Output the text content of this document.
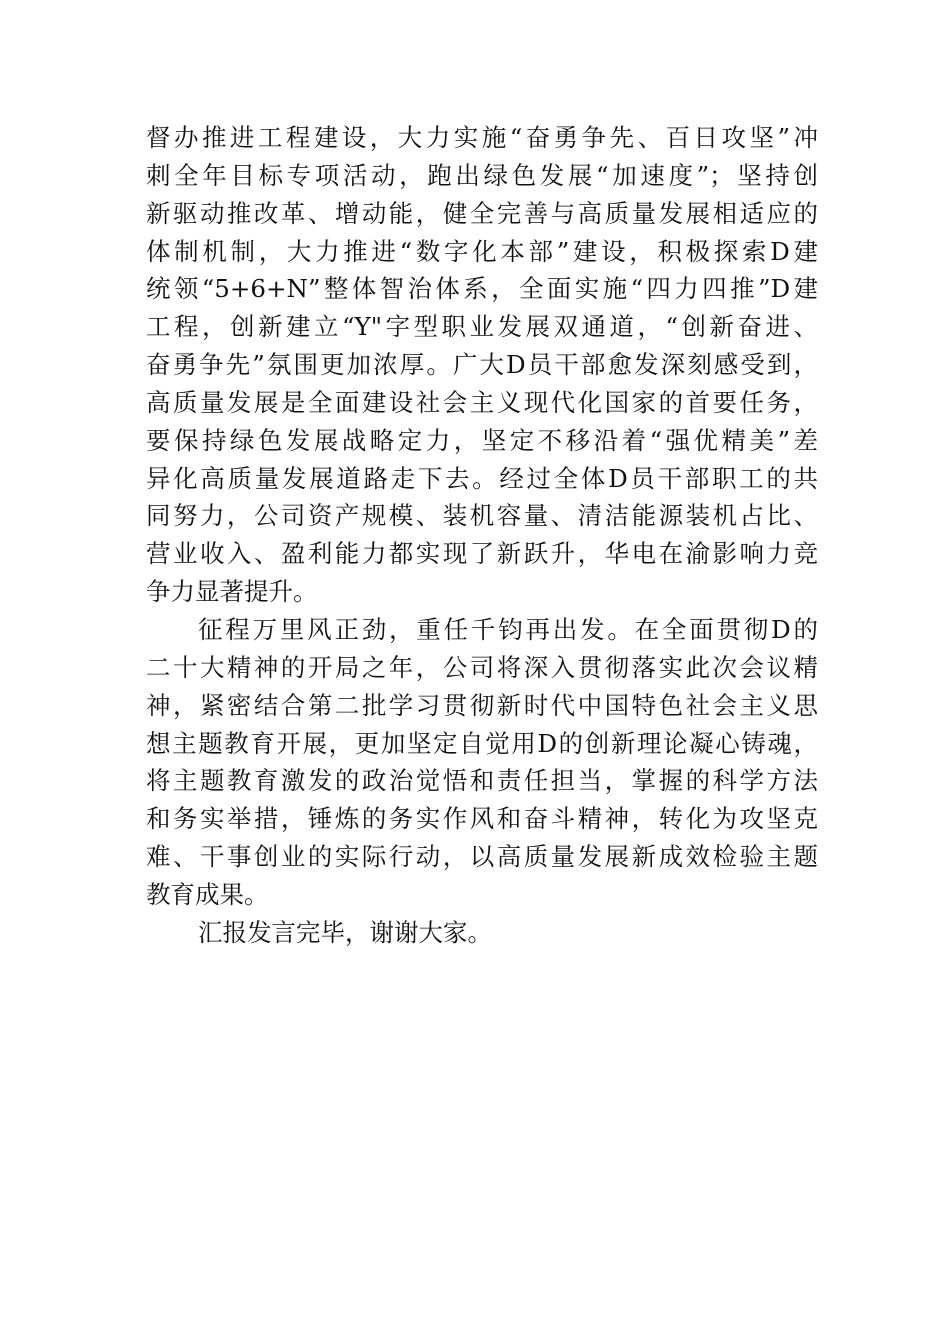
督办推进工程建设，大力实施“奋勇争先、百日攻坚”冲
刺全年目标专项活动，跑出绿色发展“加速度”；坚持创
新驱动推改革、增动能，健全完善与高质量发展相适应的
体制机制，大力推进“数字化本部”建设，积极探索D建
统领“5+6+N”整体智治体系，全面实施“四力四推”D建
工程，创新建立“Y"字型职业发展双通道，“创新奋进、
奋勇争先”氛围更加浓厚。广大D员干部愈发深刻感受到，
高质量发展是全面建设社会主义现代化国家的首要任务，
要保持绿色发展战略定力，坚定不移沿着“强优精美”差
异化高质量发展道路走下去。经过全体D员干部职工的共
同努力，公司资产规模、装机容量、清洁能源装机占比、
营业收入、盈利能力都实现了新跃升，华电在渝影响力竞
争力显著提升。
征程万里风正劲，重任千钧再出发。在全面贯彻D的
二十大精神的开局之年，公司将深入贯彻落实此次会议精
神，紧密结合第二批学习贯彻新时代中国特色社会主义思
想主题教育开展，更加坚定自觉用D的创新理论凝心铸魂，
将主题教育激发的政治觉悟和责任担当，掌握的科学方法
和务实举措，锤炼的务实作风和奋斗精神，转化为攻坚克
难、干事创业的实际行动，以高质量发展新成效检验主题
教育成果。
汇报发言完毕，谢谢大家。
